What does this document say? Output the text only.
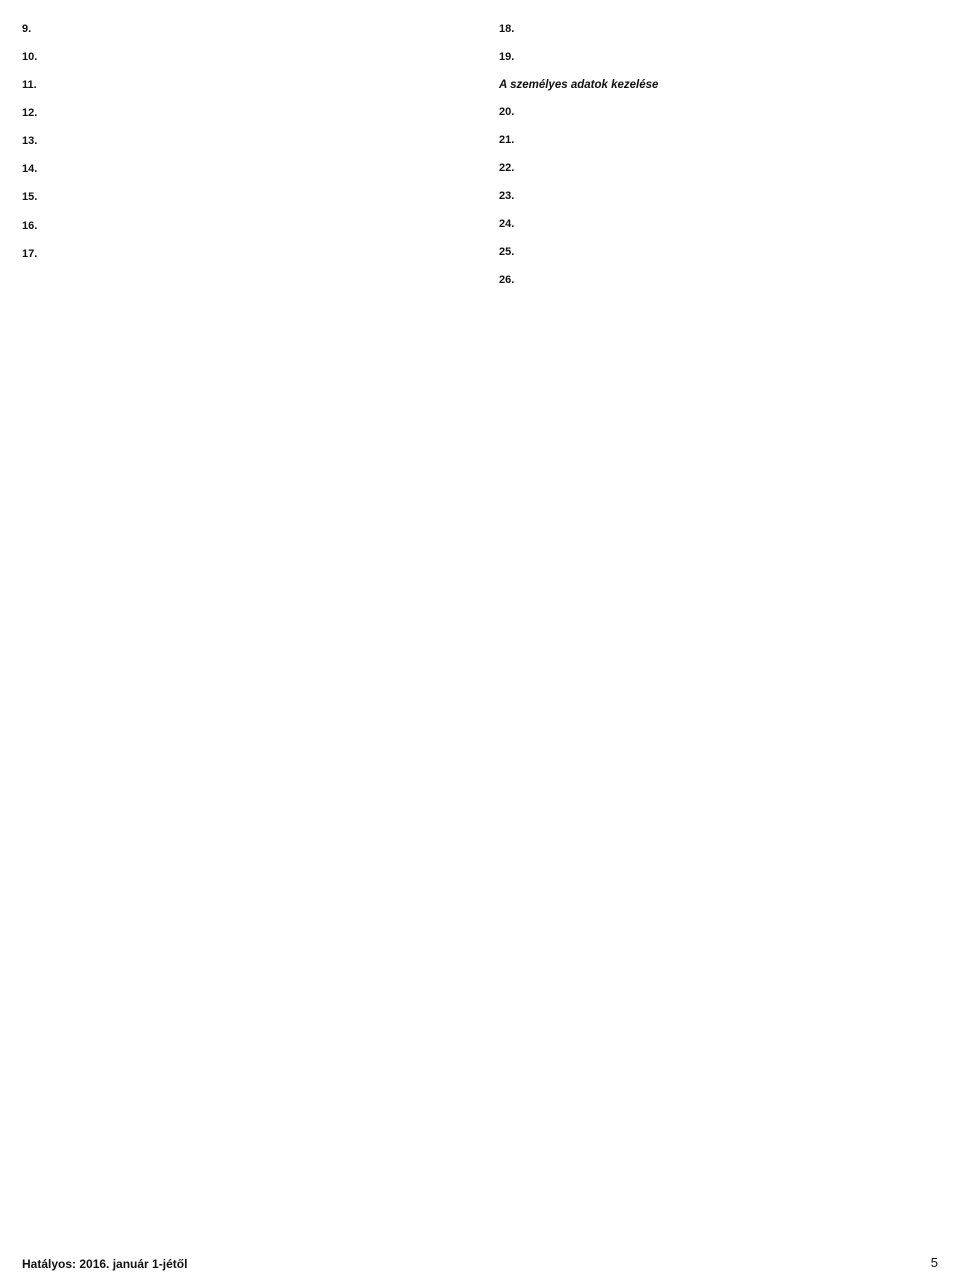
9.

10.

11.

12.

13.

14.

15.

16.

17.

18.

19.

A személyes adatok kezelése
20.

21.

22.

23.

24.

25.

26.

Hatályos: 2016. január 1-jétől	5
